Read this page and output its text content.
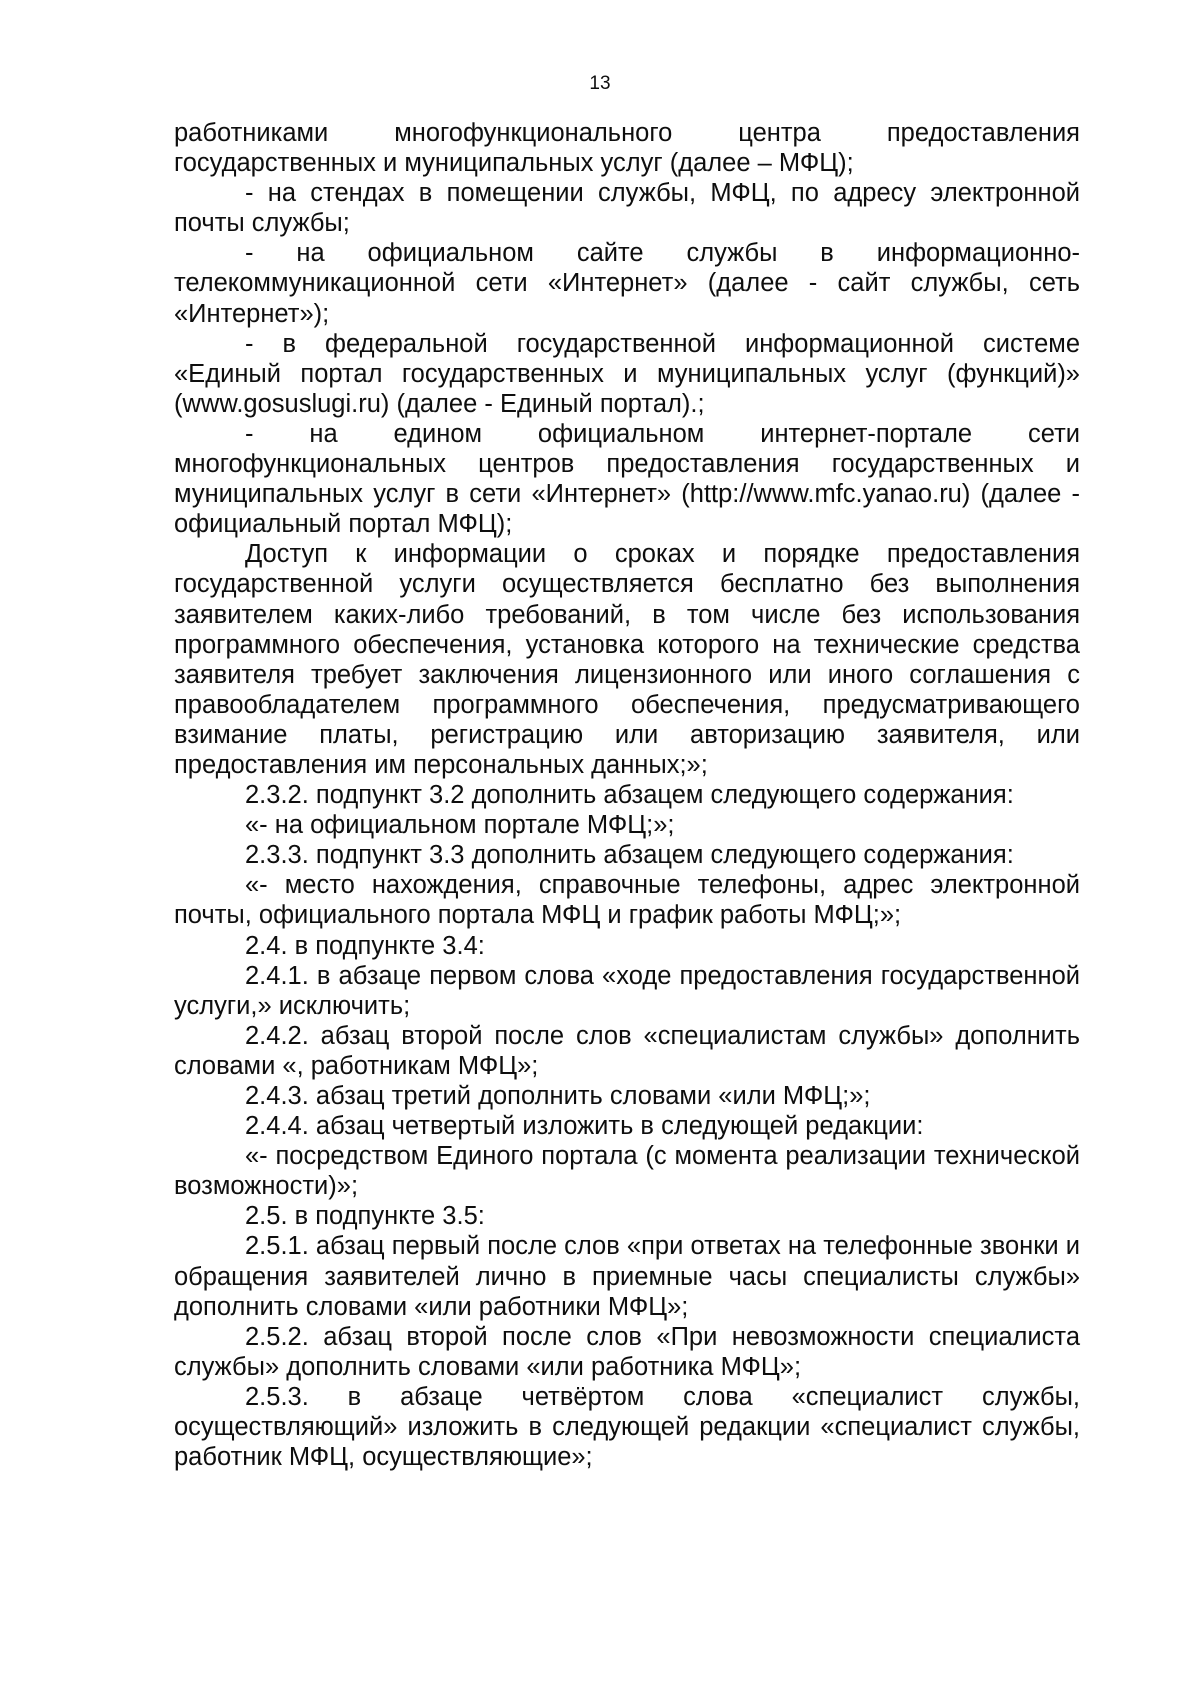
13

работниками многофункционального центра предоставления государственных и муниципальных услуг (далее – МФЦ);

- на стендах в помещении службы, МФЦ, по адресу электронной почты службы;

- на официальном сайте службы в информационно-телекоммуникационной сети «Интернет» (далее - сайт службы, сеть «Интернет»);

- в федеральной государственной информационной системе «Единый портал государственных и муниципальных услуг (функций)» (www.gosuslugi.ru) (далее - Единый портал).;

- на едином официальном интернет-портале сети многофункциональных центров предоставления государственных и муниципальных услуг в сети «Интернет» (http://www.mfc.yanao.ru) (далее - официальный портал МФЦ);

Доступ к информации о сроках и порядке предоставления государственной услуги осуществляется бесплатно без выполнения заявителем каких-либо требований, в том числе без использования программного обеспечения, установка которого на технические средства заявителя требует заключения лицензионного или иного соглашения с правообладателем программного обеспечения, предусматривающего взимание платы, регистрацию или авторизацию заявителя, или предоставления им персональных данных;»;

2.3.2. подпункт 3.2 дополнить абзацем следующего содержания:

«- на официальном портале МФЦ;»;

2.3.3. подпункт 3.3 дополнить абзацем следующего содержания:

«- место нахождения, справочные телефоны, адрес электронной почты, официального портала МФЦ и график работы МФЦ;»;

2.4. в подпункте 3.4:

2.4.1. в абзаце первом слова «ходе предоставления государственной услуги,» исключить;

2.4.2. абзац второй после слов «специалистам службы» дополнить словами «, работникам МФЦ»;

2.4.3. абзац третий дополнить словами «или МФЦ;»;

2.4.4. абзац четвертый изложить в следующей редакции:

«- посредством Единого портала (с момента реализации технической возможности)»;

2.5. в подпункте 3.5:

2.5.1. абзац первый после слов «при ответах на телефонные звонки и обращения заявителей лично в приемные часы специалисты службы» дополнить словами «или работники МФЦ»;

2.5.2. абзац второй после слов «При невозможности специалиста службы» дополнить словами «или работника МФЦ»;

2.5.3. в абзаце четвёртом слова «специалист службы, осуществляющий» изложить в следующей редакции «специалист службы, работник МФЦ, осуществляющие»;
